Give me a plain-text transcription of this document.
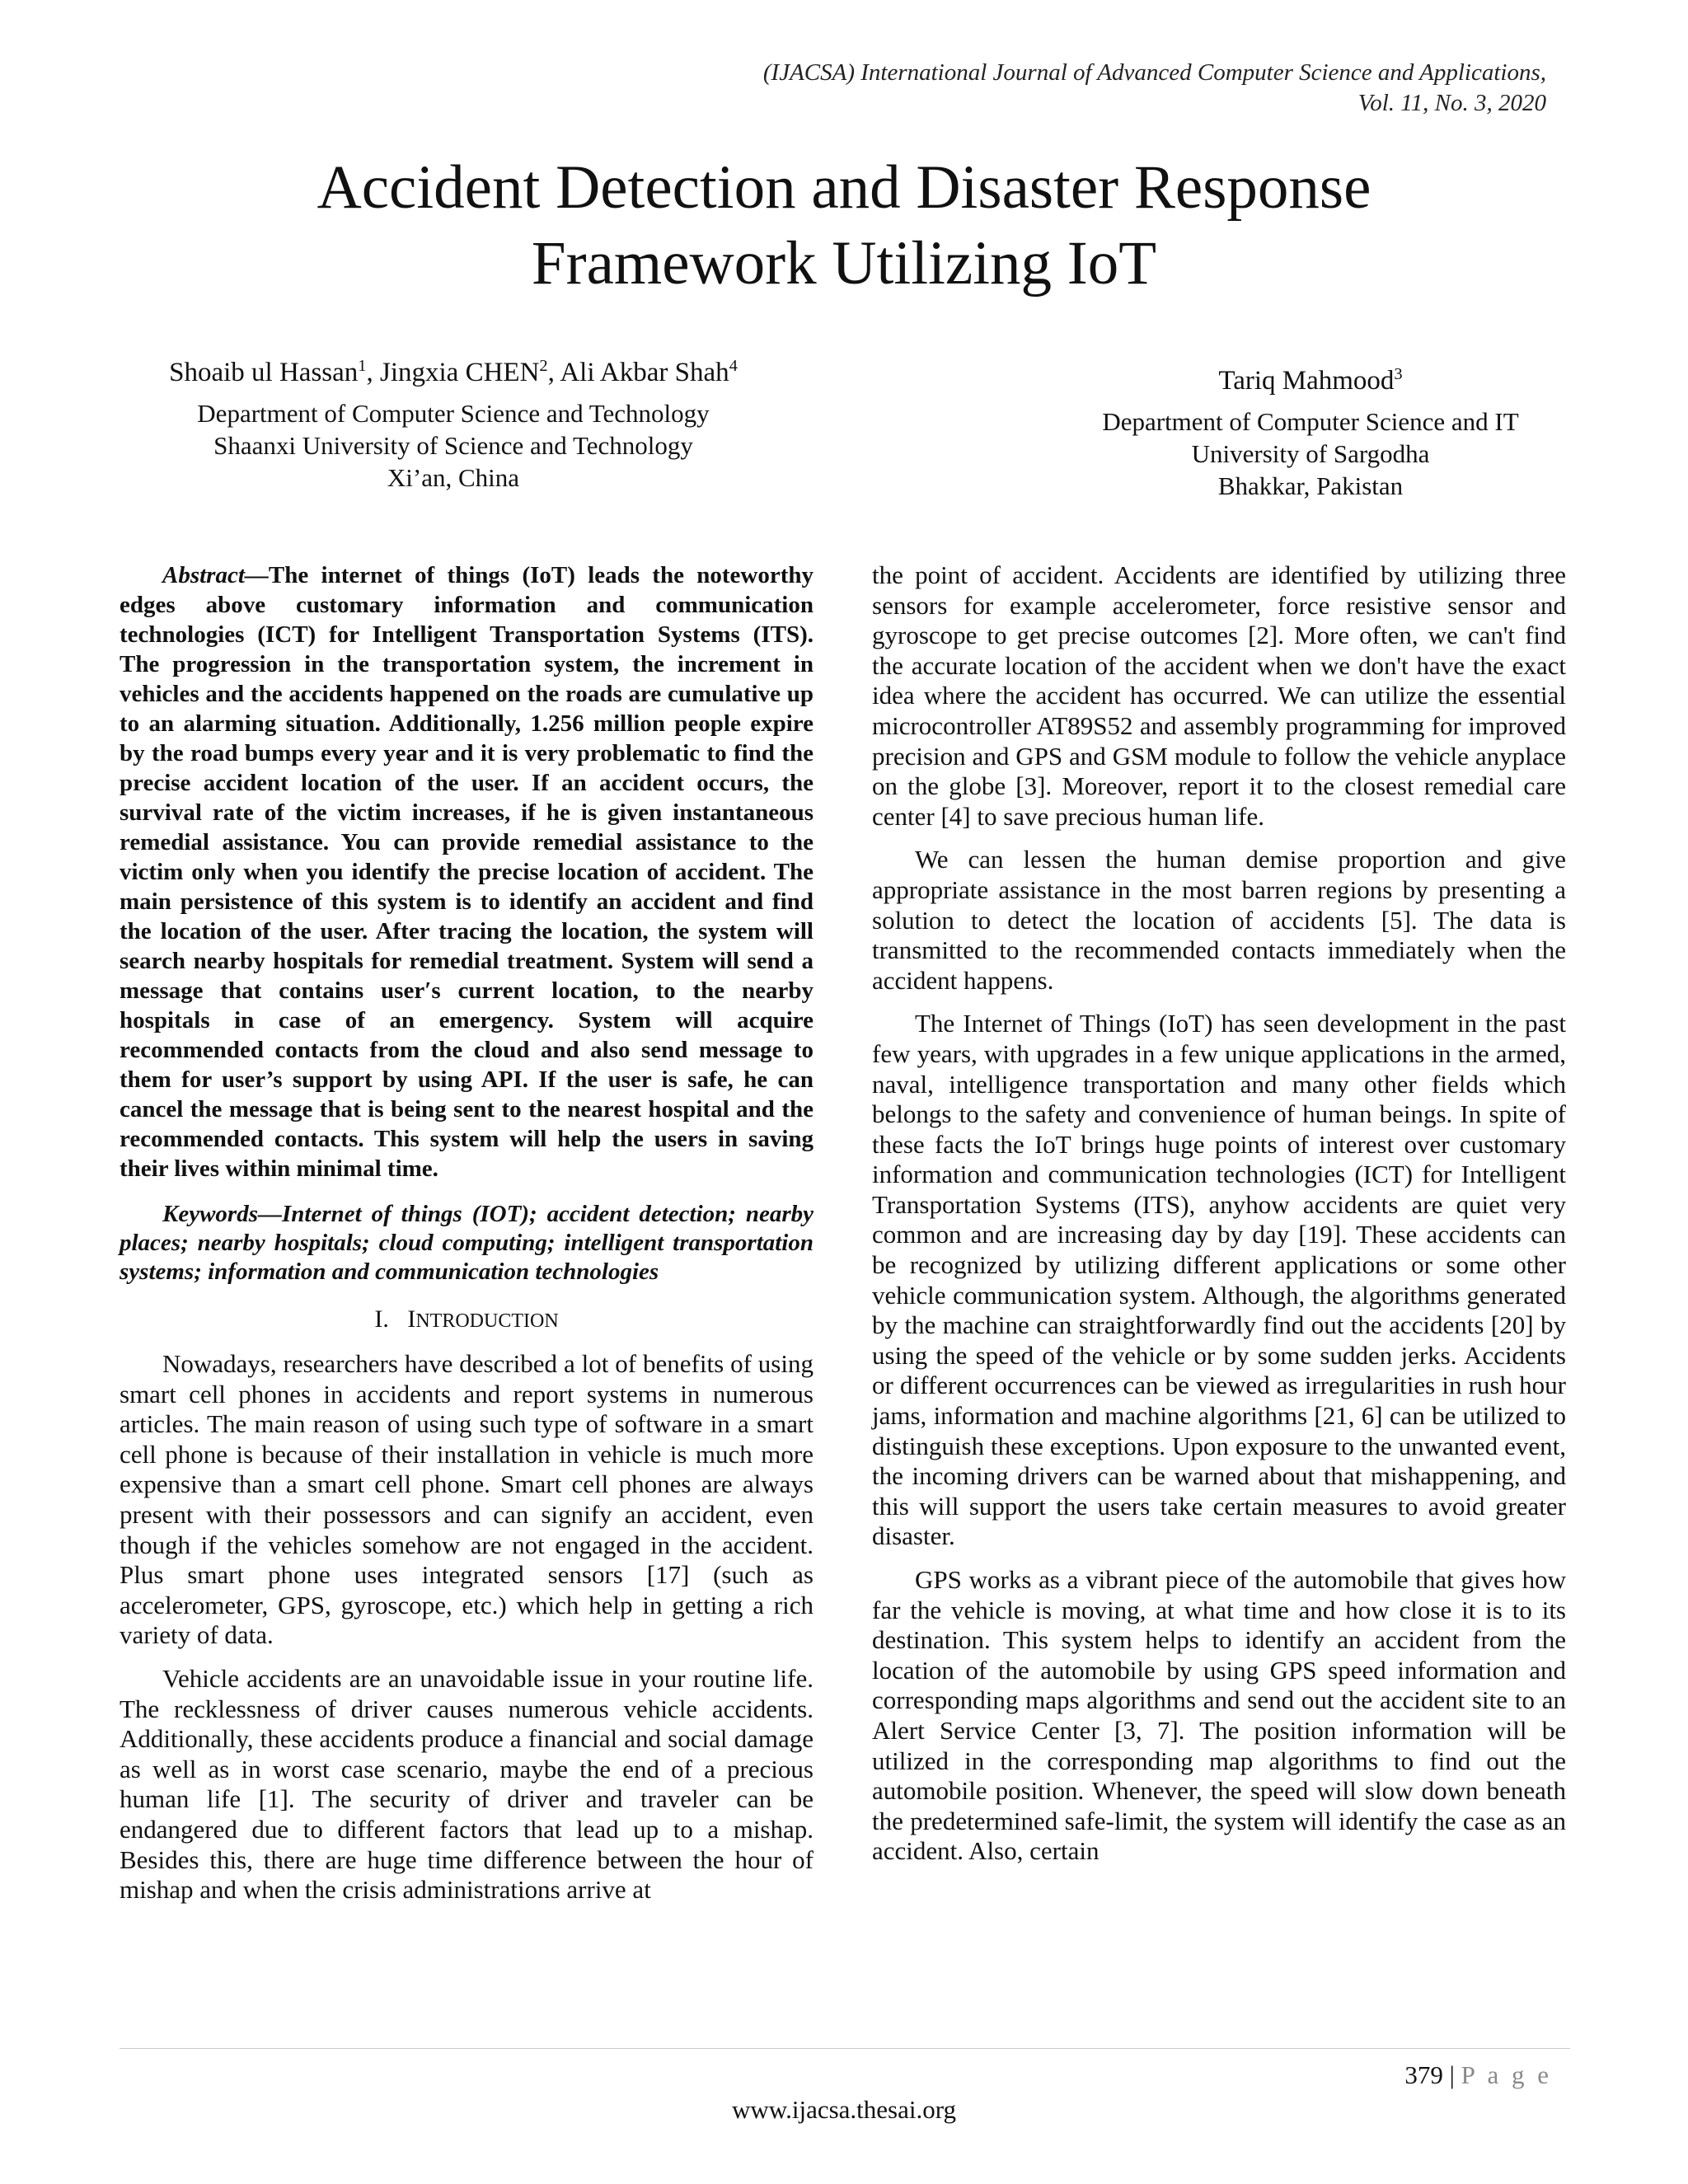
(IJACSA) International Journal of Advanced Computer Science and Applications,
Vol. 11, No. 3, 2020
Accident Detection and Disaster Response
Framework Utilizing IoT
Shoaib ul Hassan$^1$, Jingxia CHEN$^2$, Ali Akbar Shah$^4$
Department of Computer Science and Technology
Shaanxi University of Science and Technology
Xi’an, China
Tariq Mahmood$^3$
Department of Computer Science and IT
University of Sargodha
Bhakkar, Pakistan

Abstract—The internet of things (IoT) leads the noteworthy edges above customary information and communication technologies (ICT) for Intelligent Transportation Systems (ITS). The progression in the transportation system, the increment in vehicles and the accidents happened on the roads are cumulative up to an alarming situation. Additionally, 1.256 million people expire by the road bumps every year and it is very problematic to find the precise accident location of the user. If an accident occurs, the survival rate of the victim increases, if he is given instantaneous remedial assistance. You can provide remedial assistance to the victim only when you identify the precise location of accident. The main persistence of this system is to identify an accident and find the location of the user. After tracing the location, the system will search nearby hospitals for remedial treatment. System will send a message that contains user′s current location, to the nearby hospitals in case of an emergency. System will acquire recommended contacts from the cloud and also send message to them for user’s support by using API. If the user is safe, he can cancel the message that is being sent to the nearest hospital and the recommended contacts. This system will help the users in saving their lives within minimal time.

Keywords—Internet of things (IOT); accident detection; nearby places; nearby hospitals; cloud computing; intelligent transportation systems; information and communication technologies

I. INTRODUCTION

Nowadays, researchers have described a lot of benefits of using smart cell phones in accidents and report systems in numerous articles. The main reason of using such type of software in a smart cell phone is because of their installation in vehicle is much more expensive than a smart cell phone. Smart cell phones are always present with their possessors and can signify an accident, even though if the vehicles somehow are not engaged in the accident. Plus smart phone uses integrated sensors [17] (such as accelerometer, GPS, gyroscope, etc.) which help in getting a rich variety of data.

Vehicle accidents are an unavoidable issue in your routine life. The recklessness of driver causes numerous vehicle accidents. Additionally, these accidents produce a financial and social damage as well as in worst case scenario, maybe the end of a precious human life [1]. The security of driver and traveler can be endangered due to different factors that lead up to a mishap. Besides this, there are huge time difference between the hour of mishap and when the crisis administrations arrive at

the point of accident. Accidents are identified by utilizing three sensors for example accelerometer, force resistive sensor and gyroscope to get precise outcomes [2]. More often, we can't find the accurate location of the accident when we don't have the exact idea where the accident has occurred. We can utilize the essential microcontroller AT89S52 and assembly programming for improved precision and GPS and GSM module to follow the vehicle anyplace on the globe [3]. Moreover, report it to the closest remedial care center [4] to save precious human life.

We can lessen the human demise proportion and give appropriate assistance in the most barren regions by presenting a solution to detect the location of accidents [5]. The data is transmitted to the recommended contacts immediately when the accident happens.

The Internet of Things (IoT) has seen development in the past few years, with upgrades in a few unique applications in the armed, naval, intelligence transportation and many other fields which belongs to the safety and convenience of human beings. In spite of these facts the IoT brings huge points of interest over customary information and communication technologies (ICT) for Intelligent Transportation Systems (ITS), anyhow accidents are quiet very common and are increasing day by day [19]. These accidents can be recognized by utilizing different applications or some other vehicle communication system. Although, the algorithms generated by the machine can straightforwardly find out the accidents [20] by using the speed of the vehicle or by some sudden jerks. Accidents or different occurrences can be viewed as irregularities in rush hour jams, information and machine algorithms [21, 6] can be utilized to distinguish these exceptions. Upon exposure to the unwanted event, the incoming drivers can be warned about that mishappening, and this will support the users take certain measures to avoid greater disaster.

GPS works as a vibrant piece of the automobile that gives how far the vehicle is moving, at what time and how close it is to its destination. This system helps to identify an accident from the location of the automobile by using GPS speed information and corresponding maps algorithms and send out the accident site to an Alert Service Center [3, 7]. The position information will be utilized in the corresponding map algorithms to find out the automobile position. Whenever, the speed will slow down beneath the predetermined safe-limit, the system will identify the case as an accident. Also, certain

379 | P a g e
www.ijacsa.thesai.org
